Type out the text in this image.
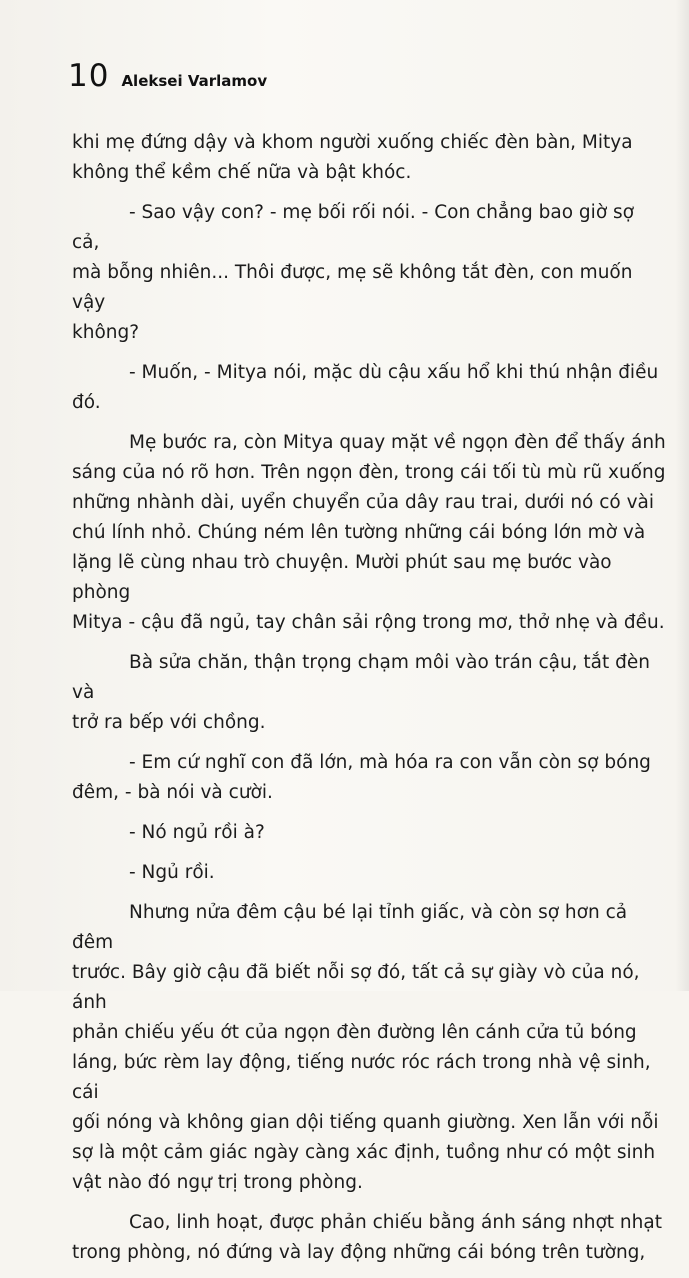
10 Aleksei Varlamov

khi mẹ đứng dậy và khom người xuống chiếc đèn bàn, Mitya
không thể kềm chế nữa và bật khóc.

- Sao vậy con? - mẹ bối rối nói. - Con chẳng bao giờ sợ cả,
mà bỗng nhiên... Thôi được, mẹ sẽ không tắt đèn, con muốn vậy
không?

- Muốn, - Mitya nói, mặc dù cậu xấu hổ khi thú nhận điều đó.

Mẹ bước ra, còn Mitya quay mặt về ngọn đèn để thấy ánh
sáng của nó rõ hơn. Trên ngọn đèn, trong cái tối tù mù rũ xuống
những nhành dài, uyển chuyển của dây rau trai, dưới nó có vài
chú lính nhỏ. Chúng ném lên tường những cái bóng lớn mờ và
lặng lẽ cùng nhau trò chuyện. Mười phút sau mẹ bước vào phòng
Mitya - cậu đã ngủ, tay chân sải rộng trong mơ, thở nhẹ và đều.

Bà sửa chăn, thận trọng chạm môi vào trán cậu, tắt đèn và
trở ra bếp với chồng.

- Em cứ nghĩ con đã lớn, mà hóa ra con vẫn còn sợ bóng
đêm, - bà nói và cười.

- Nó ngủ rồi à?

- Ngủ rồi.

Nhưng nửa đêm cậu bé lại tỉnh giấc, và còn sợ hơn cả đêm
trước. Bây giờ cậu đã biết nỗi sợ đó, tất cả sự giày vò của nó, ánh
phản chiếu yếu ớt của ngọn đèn đường lên cánh cửa tủ bóng
láng, bức rèm lay động, tiếng nước róc rách trong nhà vệ sinh, cái
gối nóng và không gian dội tiếng quanh giường. Xen lẫn với nỗi
sợ là một cảm giác ngày càng xác định, tuồng như có một sinh
vật nào đó ngự trị trong phòng.

Cao, linh hoạt, được phản chiếu bằng ánh sáng nhợt nhạt
trong phòng, nó đứng và lay động những cái bóng trên tường,
